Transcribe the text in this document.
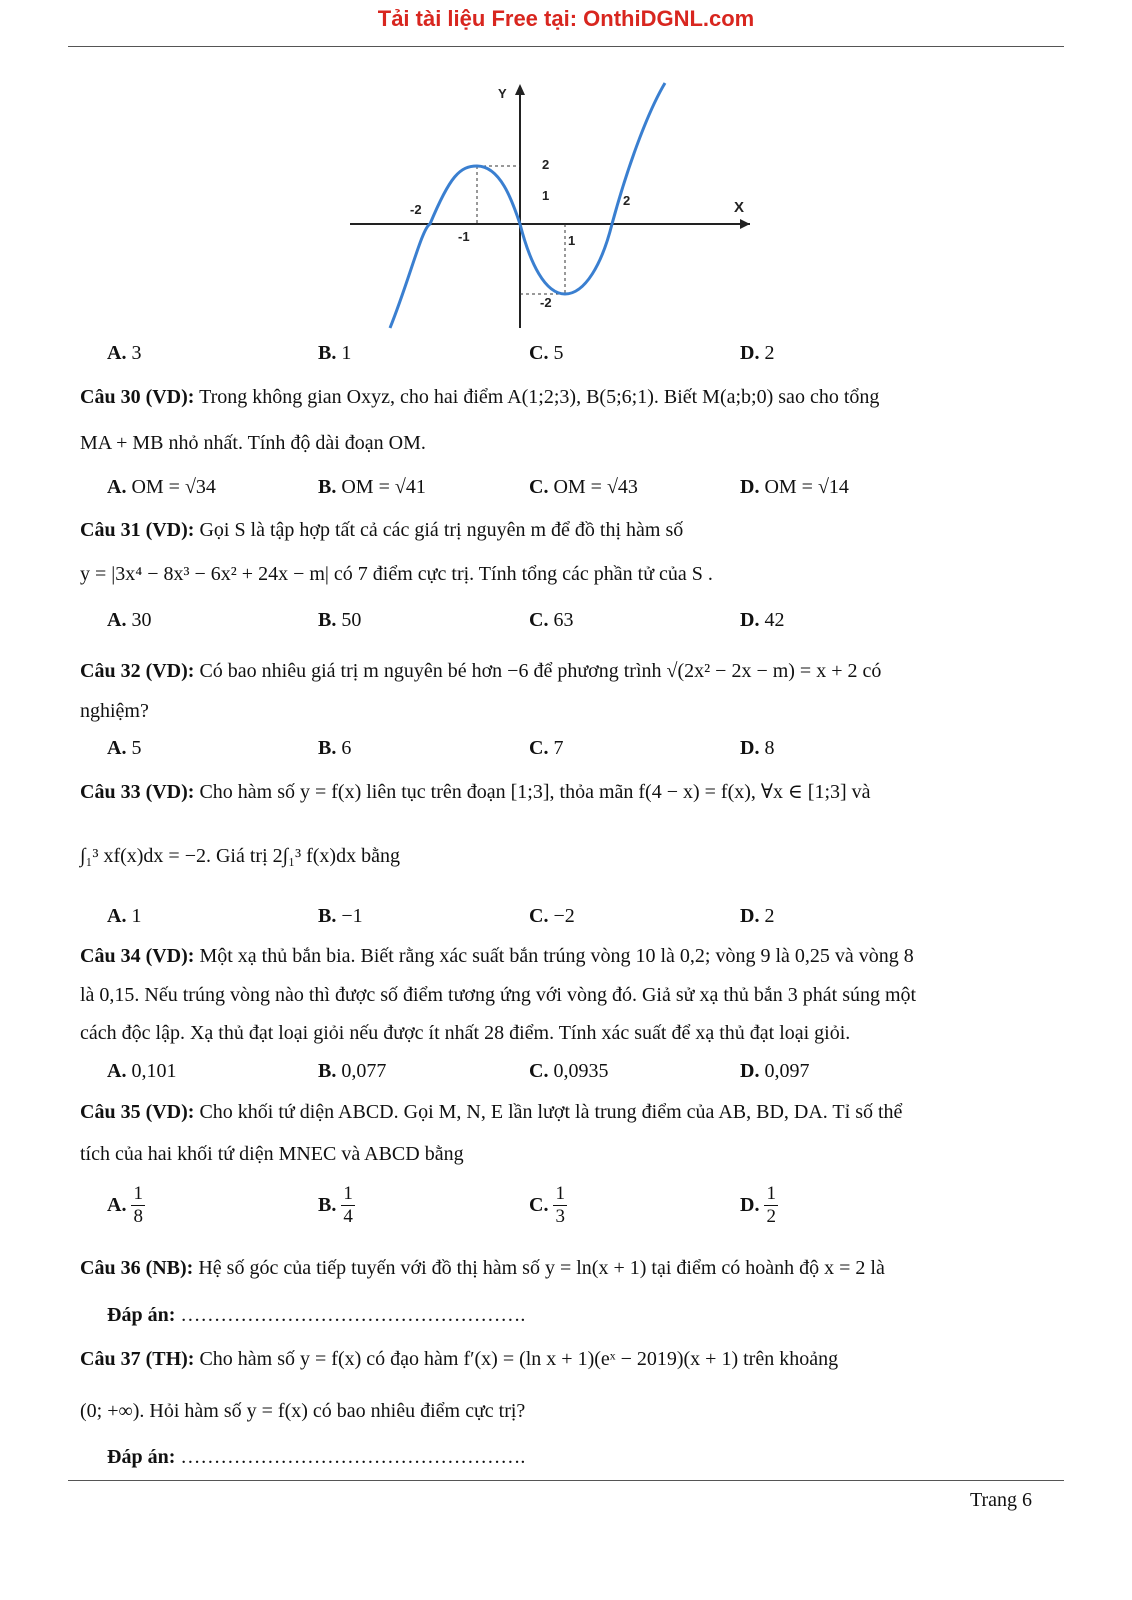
Tải tài liệu Free tại: OnthiDGNL.com
Y
X
-2
-1	1
2
2
1
-2
A. 3	B. 1	C. 5	D. 2
Câu 30 (VD): Trong không gian Oxyz, cho hai điểm A(1;2;3), B(5;6;1). Biết M(a;b;0) sao cho tổng
MA + MB nhỏ nhất. Tính độ dài đoạn OM.
A. OM = √34	B. OM = √41	C. OM = √43	D. OM = √14
Câu 31 (VD): Gọi S là tập hợp tất cả các giá trị nguyên m để đồ thị hàm số
y = |3x⁴ − 8x³ − 6x² + 24x − m| có 7 điểm cực trị. Tính tổng các phần tử của S .
A. 30	B. 50	C. 63	D. 42
Câu 32 (VD): Có bao nhiêu giá trị m nguyên bé hơn −6 để phương trình √(2x² − 2x − m) = x + 2 có
nghiệm?
A. 5	B. 6	C. 7	D. 8
Câu 33 (VD): Cho hàm số y = f(x) liên tục trên đoạn [1;3], thỏa mãn f(4 − x) = f(x), ∀x ∈ [1;3] và
∫₁³ xf(x)dx = −2. Giá trị 2∫₁³ f(x)dx bằng
A. 1	B. −1	C. −2	D. 2
Câu 34 (VD): Một xạ thủ bắn bia. Biết rằng xác suất bắn trúng vòng 10 là 0,2; vòng 9 là 0,25 và vòng 8
là 0,15. Nếu trúng vòng nào thì được số điểm tương ứng với vòng đó. Giả sử xạ thủ bắn 3 phát súng một
cách độc lập. Xạ thủ đạt loại giỏi nếu được ít nhất 28 điểm. Tính xác suất để xạ thủ đạt loại giỏi.
A. 0,101	B. 0,077	C. 0,0935	D. 0,097
Câu 35 (VD): Cho khối tứ diện ABCD. Gọi M, N, E lần lượt là trung điểm của AB, BD, DA. Tỉ số thể
tích của hai khối tứ diện MNEC và ABCD bằng
A. $\frac{1}{8}$	B. $\frac{1}{4}$	C. $\frac{1}{3}$	D. $\frac{1}{2}$
Câu 36 (NB): Hệ số góc của tiếp tuyến với đồ thị hàm số y = ln(x + 1) tại điểm có hoành độ x = 2 là
Đáp án: …………………………………………….
Câu 37 (TH): Cho hàm số y = f(x) có đạo hàm f′(x) = (ln x + 1)(eˣ − 2019)(x + 1) trên khoảng
(0; +∞). Hỏi hàm số y = f(x) có bao nhiêu điểm cực trị?
Đáp án: …………………………………………….
Trang 6
